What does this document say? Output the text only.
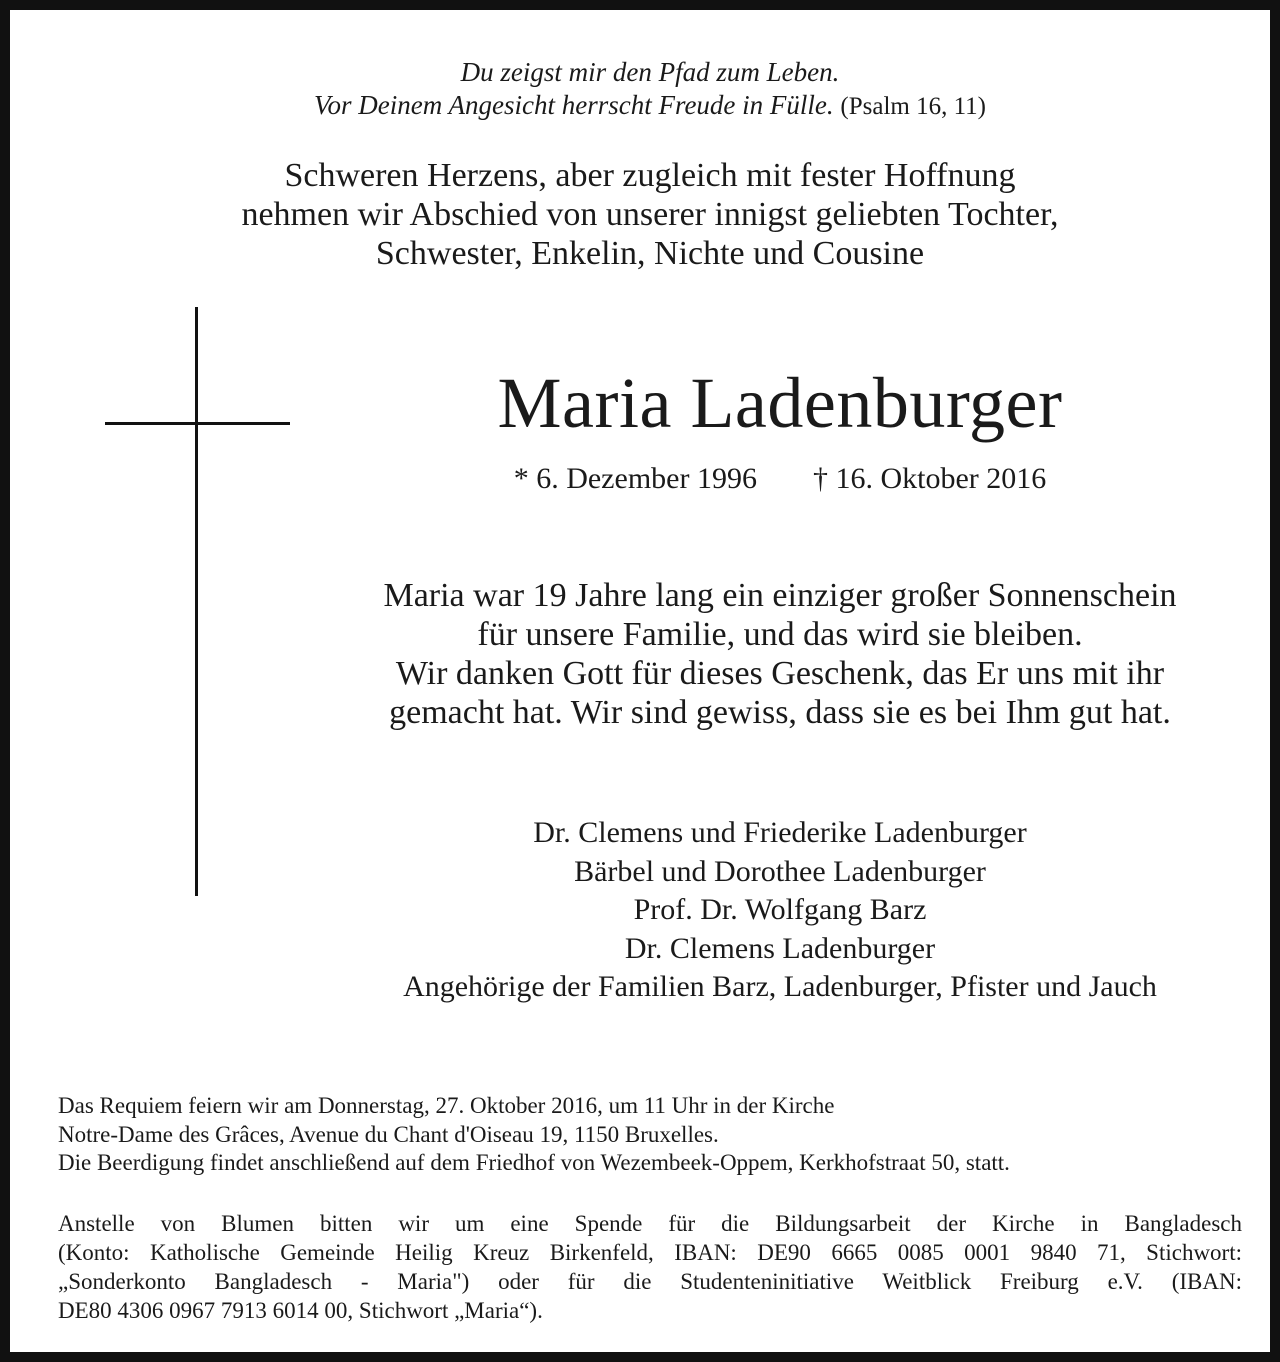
Du zeigst mir den Pfad zum Leben.
Vor Deinem Angesicht herrscht Freude in Fülle. (Psalm 16, 11)
Schweren Herzens, aber zugleich mit fester Hoffnung
nehmen wir Abschied von unserer innigst geliebten Tochter,
Schwester, Enkelin, Nichte und Cousine
Maria Ladenburger
* 6. Dezember 1996 † 16. Oktober 2016
Maria war 19 Jahre lang ein einziger großer Sonnenschein
für unsere Familie, und das wird sie bleiben.
Wir danken Gott für dieses Geschenk, das Er uns mit ihr
gemacht hat. Wir sind gewiss, dass sie es bei Ihm gut hat.
Dr. Clemens und Friederike Ladenburger
Bärbel und Dorothee Ladenburger
Prof. Dr. Wolfgang Barz
Dr. Clemens Ladenburger
Angehörige der Familien Barz, Ladenburger, Pfister und Jauch
Das Requiem feiern wir am Donnerstag, 27. Oktober 2016, um 11 Uhr in der Kirche
Notre-Dame des Grâces, Avenue du Chant d'Oiseau 19, 1150 Bruxelles.
Die Beerdigung findet anschließend auf dem Friedhof von Wezembeek-Oppem, Kerkhofstraat 50, statt.
Anstelle von Blumen bitten wir um eine Spende für die Bildungsarbeit der Kirche in Bangladesch
(Konto: Katholische Gemeinde Heilig Kreuz Birkenfeld, IBAN: DE90 6665 0085 0001 9840 71, Stichwort:
„Sonderkonto Bangladesch - Maria") oder für die Studenteninitiative Weitblick Freiburg e.V. (IBAN:
DE80 4306 0967 7913 6014 00, Stichwort „Maria“).
